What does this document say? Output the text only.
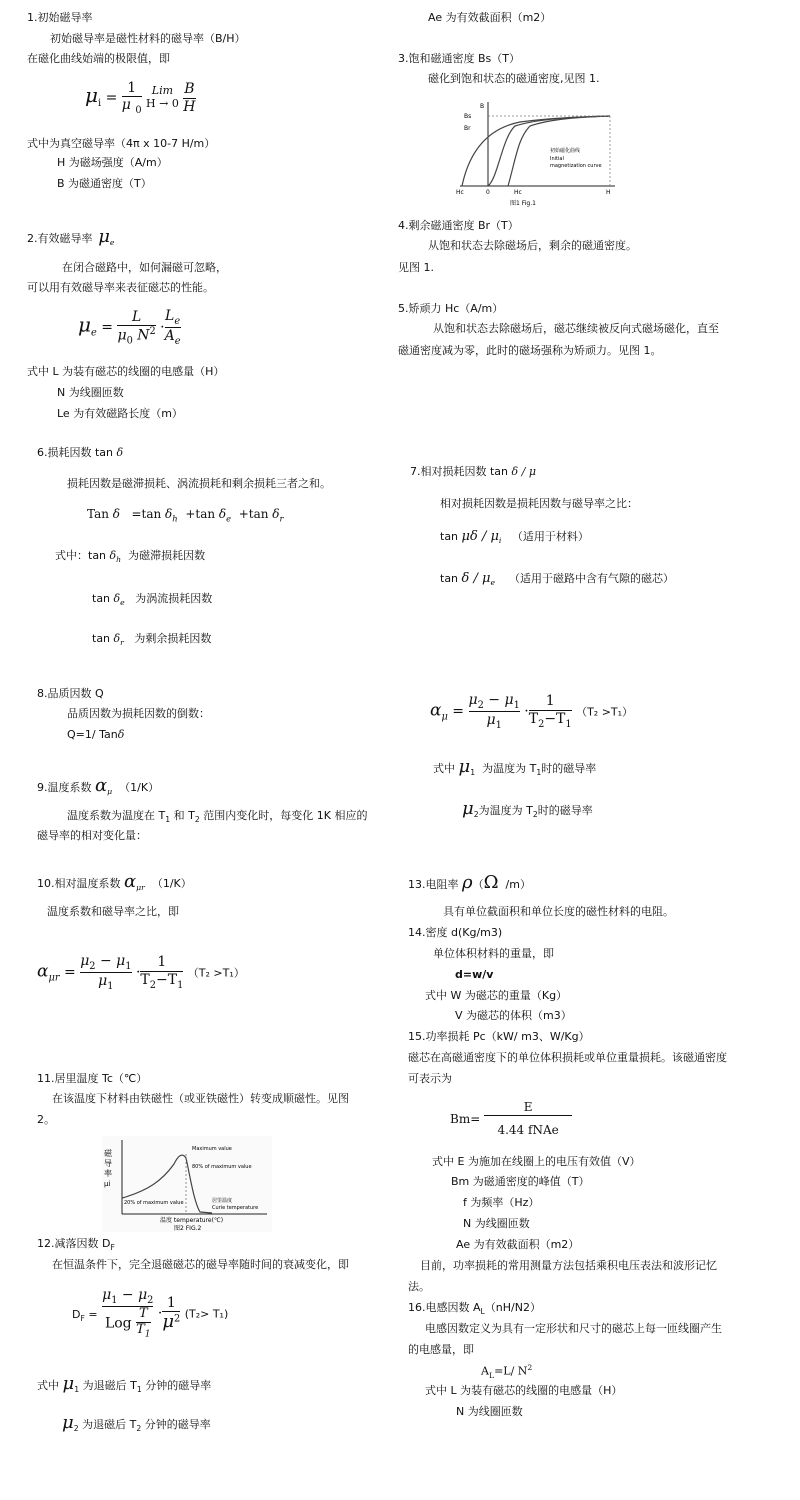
1.初始磁导率
初始磁导率是磁性材料的磁导率（B/H）
在磁化曲线始端的极限值，即
$\mu_i = \frac{1}{\mu _0}$
Lim
H → 0
$\frac{B}{H}$
式中为真空磁导率（4π x 10-7 H/m）
H 为磁场强度（A/m）
B 为磁通密度（T）
2.有效磁导率 $\mu_e$
在闭合磁路中，如何漏磁可忽略，
可以用有效磁导率来表征磁芯的性能。
$\mu_e = \frac{L}{\mu_0 N^2} \cdot \frac{L_e}{A_e}$
式中 L 为装有磁芯的线圈的电感量（H）
N 为线圈匝数
Le 为有效磁路长度（m）
6.损耗因数 tan δ
损耗因数是磁滞损耗、涡流损耗和剩余损耗三者之和。
Tan δ   =tan $\delta_h +\tan$ $\delta_e +\tan$ $\delta_r$
式中：$\tan \delta_h$ 为磁滞损耗因数
$\tan \delta_e$ 为涡流损耗因数
$\tan \delta_r$ 为剩余损耗因数
8.品质因数 Q
品质因数为损耗因数的倒数：
Q=1/ Tanδ
9.温度系数 $\alpha_\mu$ （1/K）
温度系数为温度在 $T_1$ 和 $T_2$ 范围内变化时，每变化 1K 相应的
磁导率的相对变化量：
10.相对温度系数 $\alpha_{\mu r}$ （1/K）
温度系数和磁导率之比，即
$\alpha_{\mu r} = \frac{\mu_2 - \mu_1}{\mu_1} \cdot \frac{1}{T_2-T_1} (T_2 >T_1)$
11.居里温度 Tc（℃）
在该温度下材料由铁磁性（或亚铁磁性）转变成顺磁性。见图
2。
磁
导
率
μi
Maximum value
80% of maximum value
20% of maximum value	居里温度
Curie temperature
温度 temperature(℃)
图2 FIG.2
12.减落因数 $D_F$
在恒温条件下，完全退磁磁芯的磁导率随时间的衰减变化，即
$D_F = \frac{\mu_1 - \mu_2}{Log \frac{T}{T_1}} \cdot \frac{1}{\mu^2} (T_2> T_1)$
式中 $\mu_1$ 为退磁后 $T_1$ 分钟的磁导率
$\mu_2$ 为退磁后 $T_2$ 分钟的磁导率
Ae 为有效截面积（m2）
3.饱和磁通密度 Bs（T）
磁化到饱和状态的磁通密度,见图 1.
B
Bs
Br
初始磁化曲线
Initial
magnetization curve
Hc	0	Hc	H
图1 Fig.1
4.剩余磁通密度 Br（T）
从饱和状态去除磁场后，剩余的磁通密度。
见图 1.
5.矫顽力 Hc（A/m）
从饱和状态去除磁场后，磁芯继续被反向式磁场磁化，直至
磁通密度减为零，此时的磁场强称为矫顽力。见图 1。
7.相对损耗因数 tan δ / μ
相对损耗因数是损耗因数与磁导率之比：
tan μδ / $\mu_i$ （适用于材料）
tan δ / $\mu_e$ （适用于磁路中含有气隙的磁芯）
$\alpha_\mu = \frac{\mu_2 - \mu_1}{\mu_1} \cdot \frac{1}{T_2-T_1} (T_2 >T_1)$
式中 $\mu_1$ 为温度为 $T_1$时的磁导率
$\mu_2$为温度为 $T_2$时的磁导率
13.电阻率 ρ（Ω /m）
具有单位截面积和单位长度的磁性材料的电阻。
14.密度 d(Kg/m3)
单位体积材料的重量，即
d=w/v
式中 W 为磁芯的重量（Kg）
V 为磁芯的体积（m3）
15.功率损耗 Pc（kW/ m3、W/Kg）
磁芯在高磁通密度下的单位体积损耗或单位重量损耗。该磁通密度
可表示为
$Bm= \frac{E}{\text{4.44 fNAe}}$
式中 E 为施加在线圈上的电压有效值（V）
Bm 为磁通密度的峰值（T）
f 为频率（Hz）
N 为线圈匝数
Ae 为有效截面积（m2）
目前，功率损耗的常用测量方法包括乘积电压表法和波形记忆
法。
16.电感因数 $A_L(nH/N2)$
电感因数定义为具有一定形状和尺寸的磁芯上每一匝线圈产生
的电感量，即
$A_L=L/$ $N^2$
式中 L 为装有磁芯的线圈的电感量（H）
N 为线圈匝数
